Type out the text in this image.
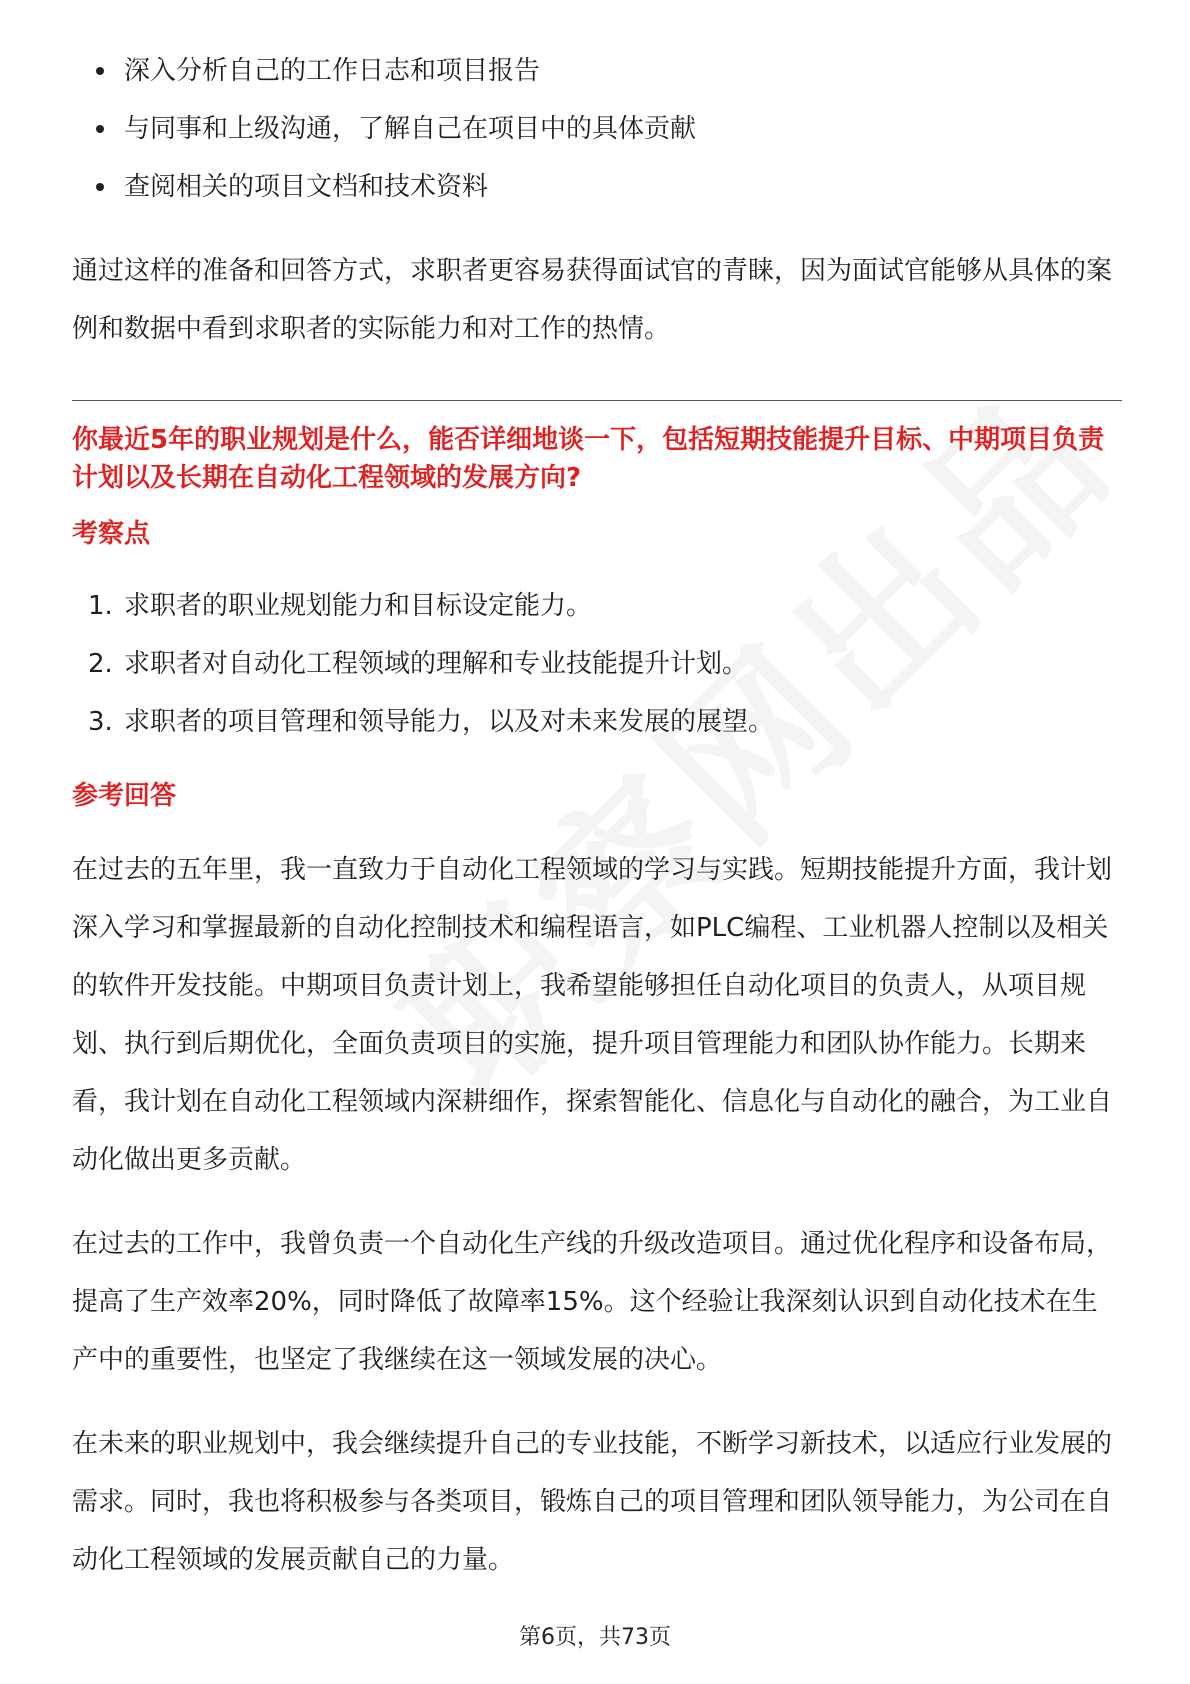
深入分析自己的工作日志和项目报告
与同事和上级沟通，了解自己在项目中的具体贡献
查阅相关的项目文档和技术资料

通过这样的准备和回答方式，求职者更容易获得面试官的青睐，因为面试官能够从具体的案例和数据中看到求职者的实际能力和对工作的热情。

你最近5年的职业规划是什么，能否详细地谈一下，包括短期技能提升目标、中期项目负责计划以及长期在自动化工程领域的发展方向?

考察点

1. 求职者的职业规划能力和目标设定能力。
2. 求职者对自动化工程领域的理解和专业技能提升计划。
3. 求职者的项目管理和领导能力，以及对未来发展的展望。

参考回答

在过去的五年里，我一直致力于自动化工程领域的学习与实践。短期技能提升方面，我计划深入学习和掌握最新的自动化控制技术和编程语言，如PLC编程、工业机器人控制以及相关的软件开发技能。中期项目负责计划上，我希望能够担任自动化项目的负责人，从项目规划、执行到后期优化，全面负责项目的实施，提升项目管理能力和团队协作能力。长期来看，我计划在自动化工程领域内深耕细作，探索智能化、信息化与自动化的融合，为工业自动化做出更多贡献。

在过去的工作中，我曾负责一个自动化生产线的升级改造项目。通过优化程序和设备布局，提高了生产效率20%，同时降低了故障率15%。这个经验让我深刻认识到自动化技术在生产中的重要性，也坚定了我继续在这一领域发展的决心。

在未来的职业规划中，我会继续提升自己的专业技能，不断学习新技术，以适应行业发展的需求。同时，我也将积极参与各类项目，锻炼自己的项目管理和团队领导能力，为公司在自动化工程领域的发展贡献自己的力量。

第6页，共73页
